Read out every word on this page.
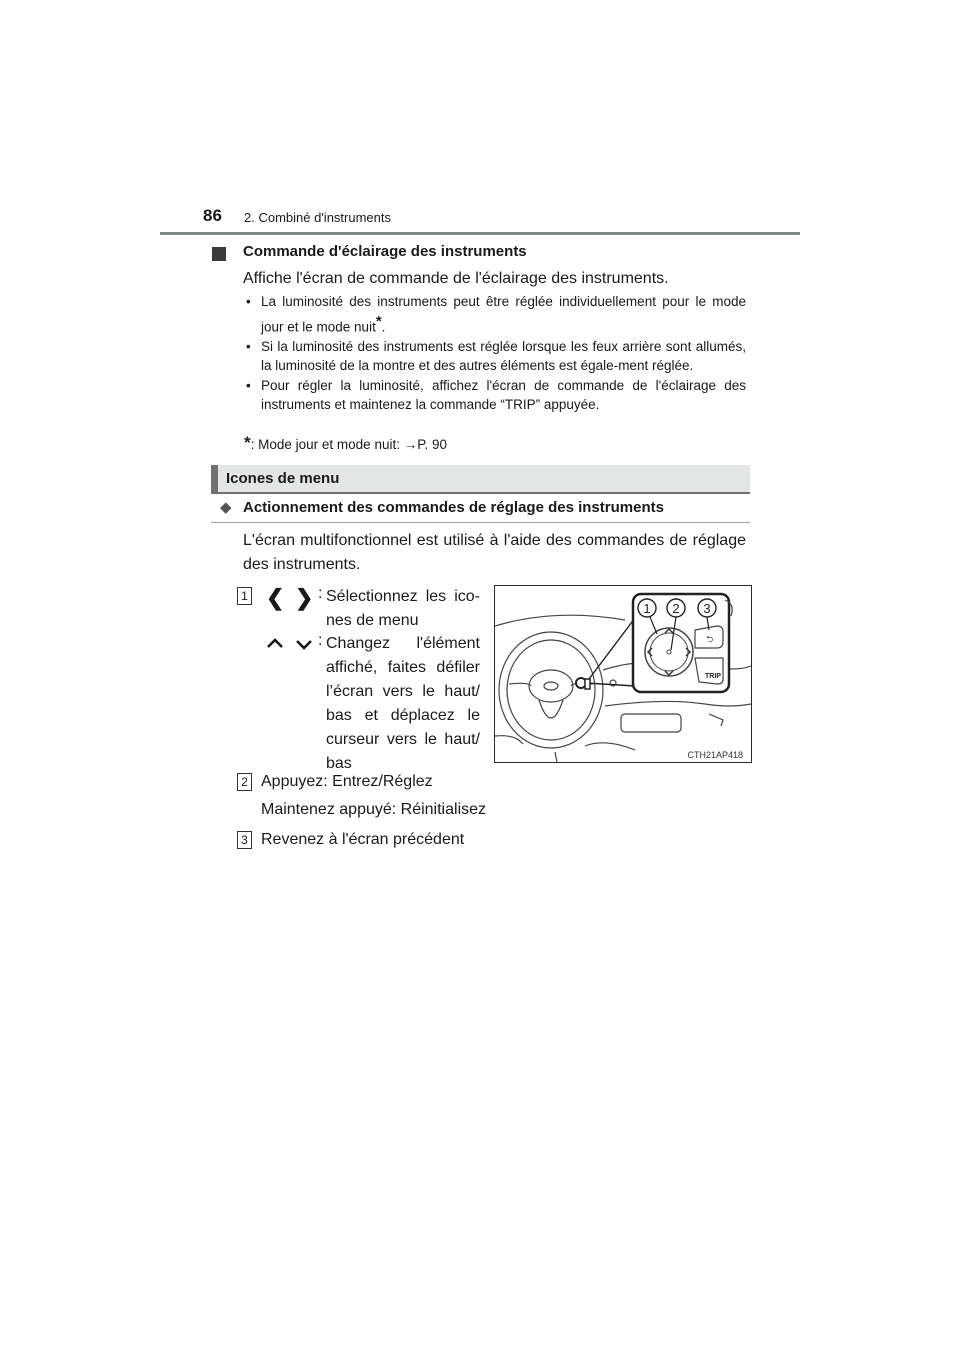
86 2. Combiné d'instruments
Commande d'éclairage des instruments
Affiche l'écran de commande de l'éclairage des instruments.
• La luminosité des instruments peut être réglée individuellement pour le mode jour et le mode nuit*.
• Si la luminosité des instruments est réglée lorsque les feux arrière sont allumés, la luminosité de la montre et des autres éléments est égale-ment réglée.
• Pour régler la luminosité, affichez l'écran de commande de l'éclairage des instruments et maintenez la commande “TRIP” appuyée.
*: Mode jour et mode nuit: →P. 90
Icones de menu
◆ Actionnement des commandes de réglage des instruments
L'écran multifonctionnel est utilisé à l'aide des commandes de réglage des instruments.
1 ❮ ❯ : Sélectionnez les ico-nes de menu
: Changez l'élément affiché, faites défiler l’écran vers le haut/ bas et déplacez le curseur vers le haut/ bas
2 Appuyez: Entrez/Réglez
Maintenez appuyé: Réinitialisez
3 Revenez à l'écran précédent
⮌
TRIP
1 2 3
CTH21AP418
